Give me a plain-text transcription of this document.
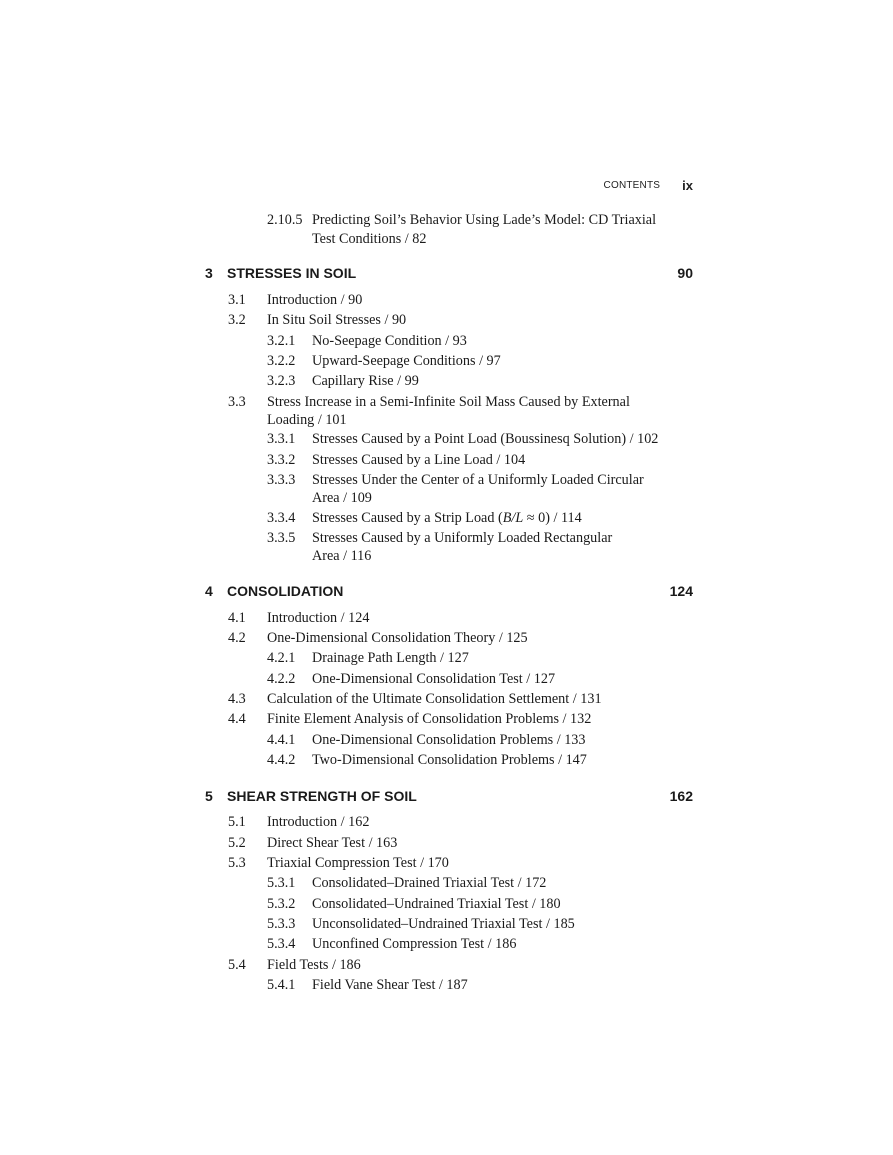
CONTENTS ix
2.10.5 Predicting Soil’s Behavior Using Lade’s Model: CD Triaxial
Test Conditions / 82
3 STRESSES IN SOIL	90
3.1 Introduction / 90
3.2 In Situ Soil Stresses / 90
3.2.1 No-Seepage Condition / 93
3.2.2 Upward-Seepage Conditions / 97
3.2.3 Capillary Rise / 99
3.3 Stress Increase in a Semi-Infinite Soil Mass Caused by External
Loading / 101
3.3.1 Stresses Caused by a Point Load (Boussinesq Solution) / 102
3.3.2 Stresses Caused by a Line Load / 104
3.3.3 Stresses Under the Center of a Uniformly Loaded Circular
Area / 109
3.3.4 Stresses Caused by a Strip Load (B/L ≈ 0) / 114
3.3.5 Stresses Caused by a Uniformly Loaded Rectangular
Area / 116
4 CONSOLIDATION	124
4.1 Introduction / 124
4.2 One-Dimensional Consolidation Theory / 125
4.2.1 Drainage Path Length / 127
4.2.2 One-Dimensional Consolidation Test / 127
4.3 Calculation of the Ultimate Consolidation Settlement / 131
4.4 Finite Element Analysis of Consolidation Problems / 132
4.4.1 One-Dimensional Consolidation Problems / 133
4.4.2 Two-Dimensional Consolidation Problems / 147
5 SHEAR STRENGTH OF SOIL	162
5.1 Introduction / 162
5.2 Direct Shear Test / 163
5.3 Triaxial Compression Test / 170
5.3.1 Consolidated–Drained Triaxial Test / 172
5.3.2 Consolidated–Undrained Triaxial Test / 180
5.3.3 Unconsolidated–Undrained Triaxial Test / 185
5.3.4 Unconfined Compression Test / 186
5.4 Field Tests / 186
5.4.1 Field Vane Shear Test / 187
